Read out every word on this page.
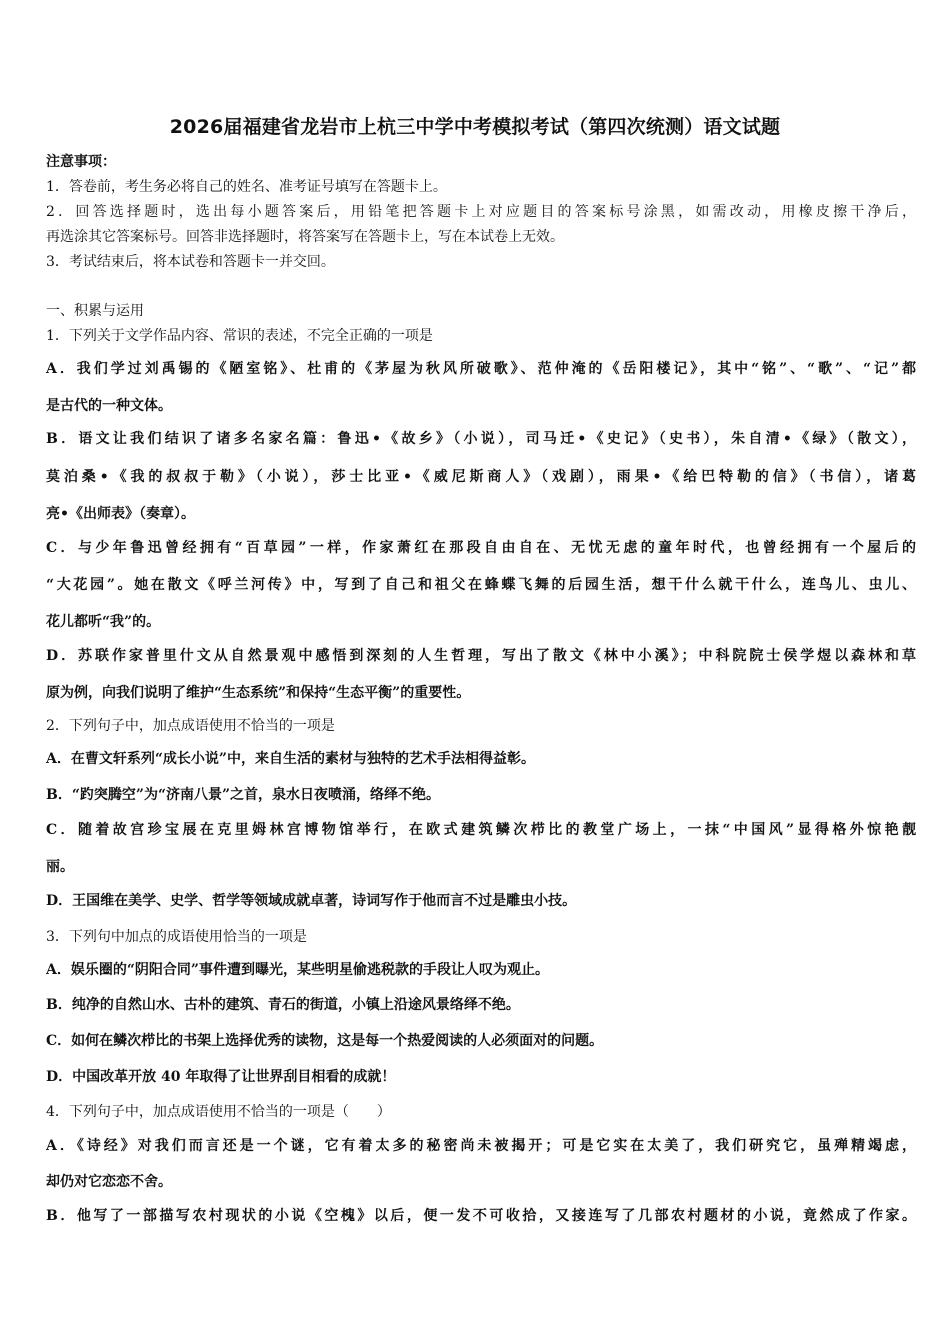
2026届福建省龙岩市上杭三中学中考模拟考试（第四次统测）语文试题
注意事项：
1．答卷前，考生务必将自己的姓名、准考证号填写在答题卡上。
2．回答选择题时，选出每小题答案后，用铅笔把答题卡上对应题目的答案标号涂黑，如需改动，用橡皮擦干净后，
再选涂其它答案标号。回答非选择题时，将答案写在答题卡上，写在本试卷上无效。
3．考试结束后，将本试卷和答题卡一并交回。
一、积累与运用
1．下列关于文学作品内容、常识的表述，不完全正确的一项是
A．我们学过刘禹锡的《陋室铭》、杜甫的《茅屋为秋风所破歌》、范仲淹的《岳阳楼记》，其中“铭”、“歌”、“记”都
是古代的一种文体。
B．语文让我们结识了诸多名家名篇：鲁迅•《故乡》（小说），司马迁•《史记》（史书），朱自清•《绿》（散文），
莫泊桑•《我的叔叔于勒》（小说），莎士比亚•《威尼斯商人》（戏剧），雨果•《给巴特勒的信》（书信），诸葛
亮•《出师表》（奏章）。
C．与少年鲁迅曾经拥有“百草园”一样，作家萧红在那段自由自在、无忧无虑的童年时代，也曾经拥有一个屋后的
“大花园”。她在散文《呼兰河传》中，写到了自己和祖父在蜂蝶飞舞的后园生活，想干什么就干什么，连鸟儿、虫儿、
花儿都听“我”的。
D．苏联作家普里什文从自然景观中感悟到深刻的人生哲理，写出了散文《林中小溪》；中科院院士侯学煜以森林和草
原为例，向我们说明了维护“生态系统”和保持“生态平衡”的重要性。
2．下列句子中，加点成语使用不恰当的一项是
A．在曹文轩系列“成长小说”中，来自生活的素材与独特的艺术手法相得益彰。
B．“趵突腾空”为“济南八景”之首，泉水日夜喷涌，络绎不绝。
C．随着故宫珍宝展在克里姆林宫博物馆举行，在欧式建筑鳞次栉比的教堂广场上，一抹“中国风”显得格外惊艳靓
丽。
D．王国维在美学、史学、哲学等领域成就卓著，诗词写作于他而言不过是雕虫小技。
3．下列句中加点的成语使用恰当的一项是
A．娱乐圈的“阴阳合同”事件遭到曝光，某些明星偷逃税款的手段让人叹为观止。
B．纯净的自然山水、古朴的建筑、青石的街道，小镇上沿途风景络绎不绝。
C．如何在鳞次栉比的书架上选择优秀的读物，这是每一个热爱阅读的人必须面对的问题。
D．中国改革开放 40 年取得了让世界刮目相看的成就！
4．下列句子中，加点成语使用不恰当的一项是（　　）
A．《诗经》对我们而言还是一个谜，它有着太多的秘密尚未被揭开；可是它实在太美了，我们研究它，虽殚精竭虑，
却仍对它恋恋不舍。
B．他写了一部描写农村现状的小说《空槐》以后，便一发不可收拾，又接连写了几部农村题材的小说，竟然成了作家。
